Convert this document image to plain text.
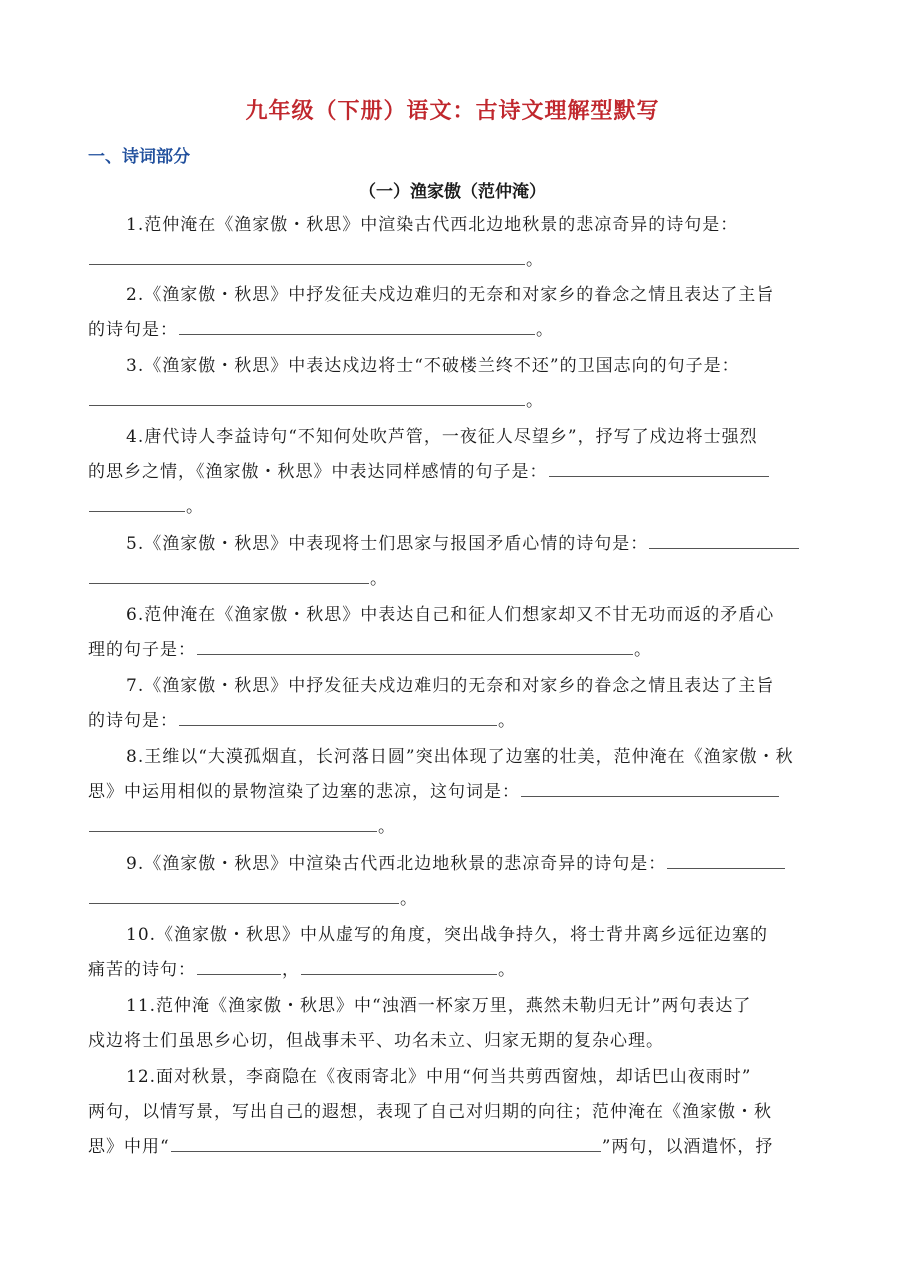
九年级（下册）语文：古诗文理解型默写
一、诗词部分
（一）渔家傲（范仲淹）
1.范仲淹在《渔家傲・秋思》中渲染古代西北边地秋景的悲凉奇异的诗句是：
。
2.《渔家傲・秋思》中抒发征夫戍边难归的无奈和对家乡的眷念之情且表达了主旨
的诗句是：	。
3.《渔家傲・秋思》中表达戍边将士“不破楼兰终不还”的卫国志向的句子是：
。
4.唐代诗人李益诗句“不知何处吹芦管，一夜征人尽望乡”，抒写了戍边将士强烈
的思乡之情，《渔家傲・秋思》中表达同样感情的句子是：
。
5.《渔家傲・秋思》中表现将士们思家与报国矛盾心情的诗句是：
。
6.范仲淹在《渔家傲・秋思》中表达自己和征人们想家却又不甘无功而返的矛盾心
理的句子是：	。
7.《渔家傲・秋思》中抒发征夫戍边难归的无奈和对家乡的眷念之情且表达了主旨
的诗句是：	。
8.王维以“大漠孤烟直，长河落日圆”突出体现了边塞的壮美，范仲淹在《渔家傲・秋
思》中运用相似的景物渲染了边塞的悲凉，这句词是：
。
9.《渔家傲・秋思》中渲染古代西北边地秋景的悲凉奇异的诗句是：
。
10.《渔家傲・秋思》中从虚写的角度，突出战争持久，将士背井离乡远征边塞的
痛苦的诗句：	，	。
11.范仲淹《渔家傲・秋思》中“浊酒一杯家万里，燕然未勒归无计”两句表达了
戍边将士们虽思乡心切，但战事未平、功名未立、归家无期的复杂心理。
12.面对秋景，李商隐在《夜雨寄北》中用“何当共剪西窗烛，却话巴山夜雨时”
两句，以情写景，写出自己的遐想，表现了自己对归期的向往；范仲淹在《渔家傲・秋
思》中用“	”两句，以酒遣怀，抒
